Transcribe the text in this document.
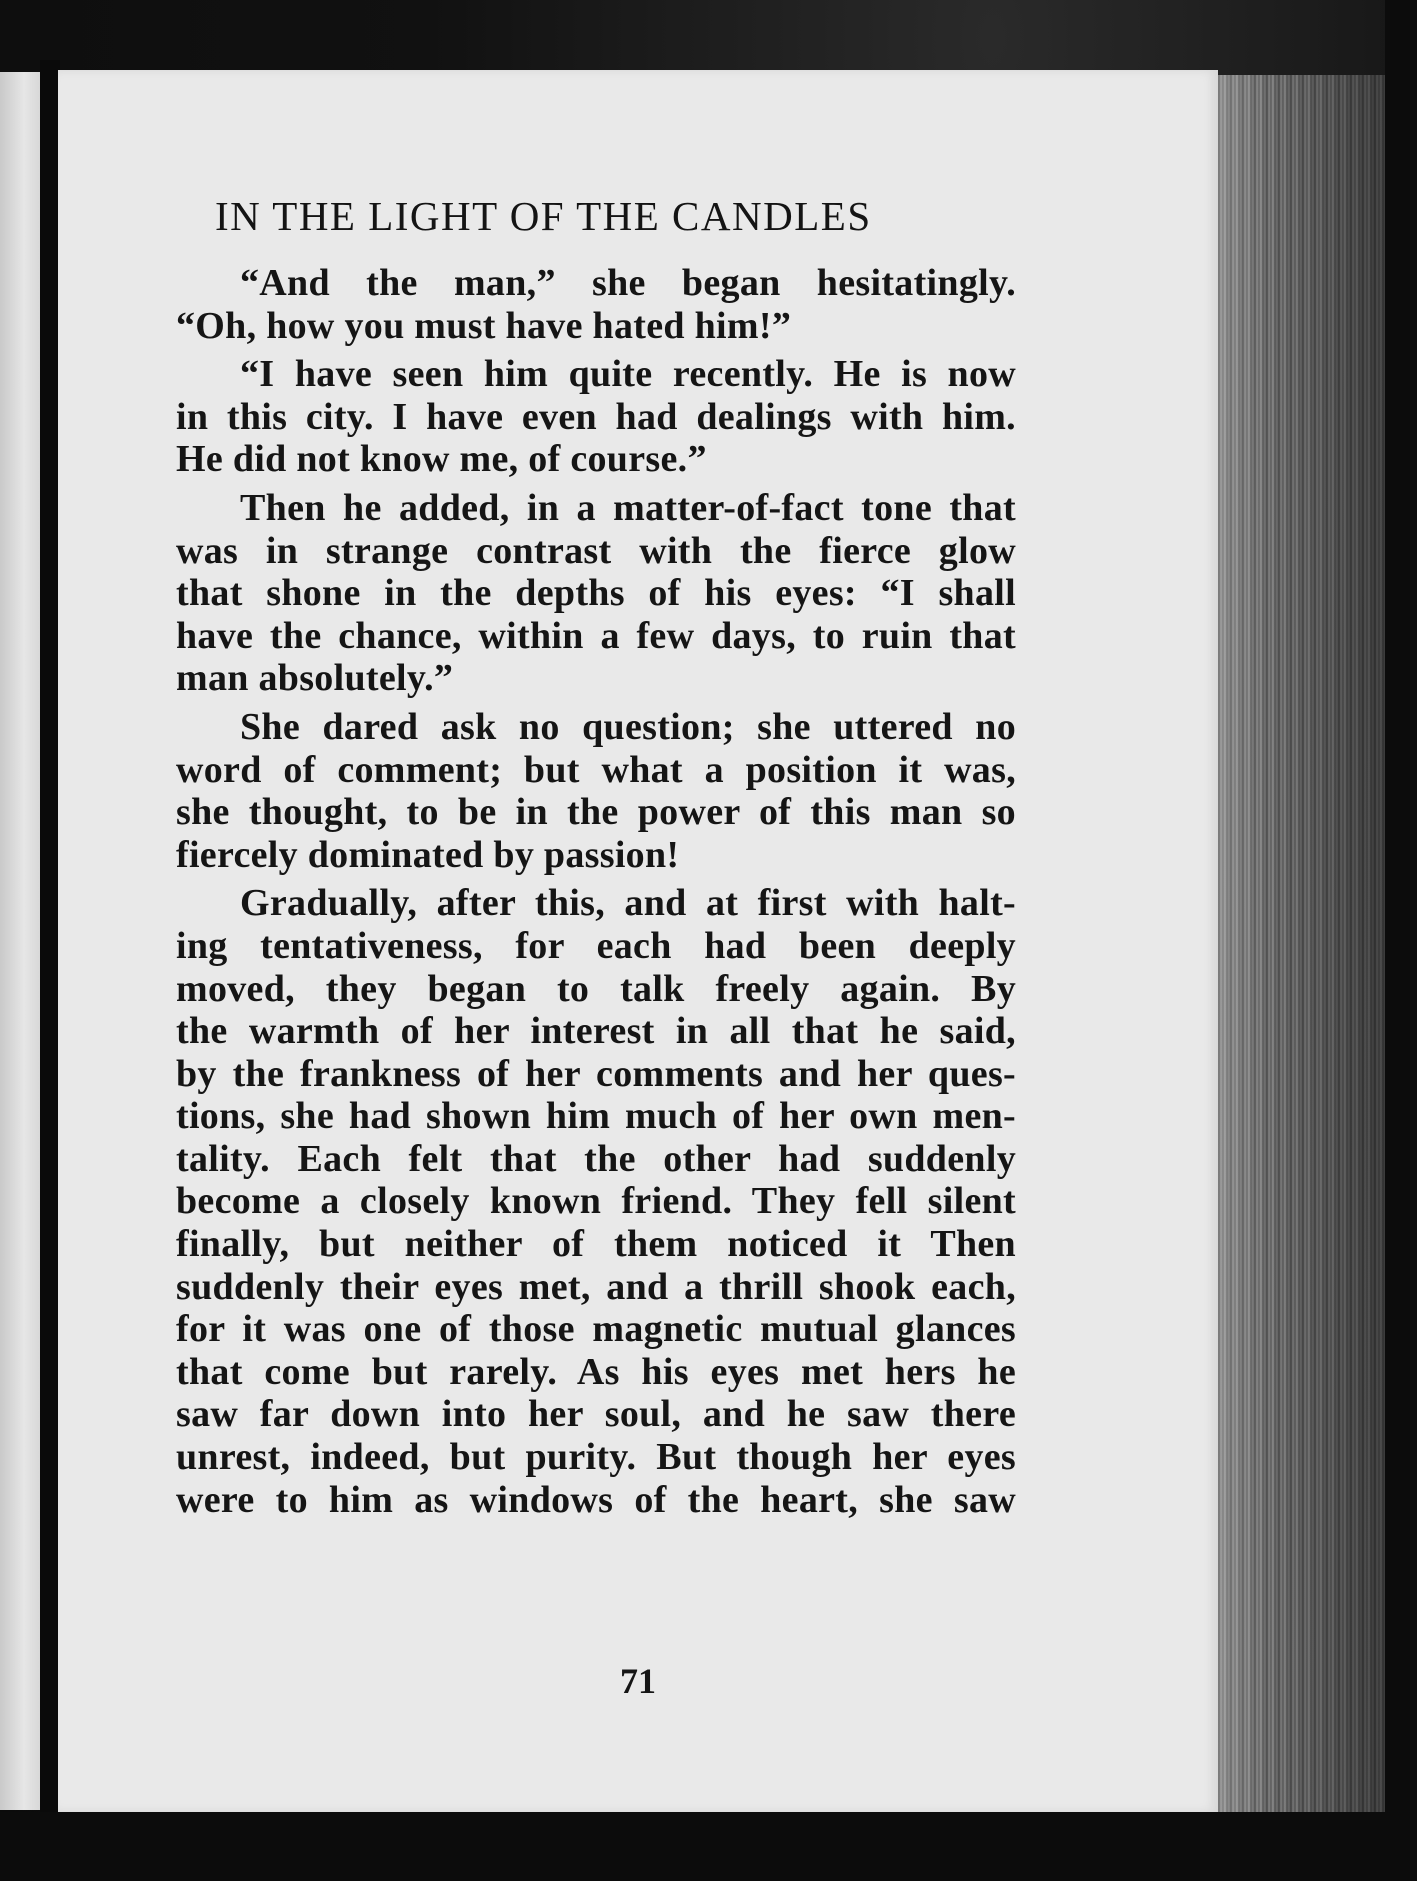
71
IN THE LIGHT OF THE CANDLES
“And the man,” she began hesitatingly.
“Oh, how you must have hated him!”
“I have seen him quite recently. He is now
in this city. I have even had dealings with him.
He did not know me, of course.”
Then he added, in a matter-of-fact tone that
was in strange contrast with the fierce glow
that shone in the depths of his eyes: “I shall
have the chance, within a few days, to ruin that
man absolutely.”
She dared ask no question; she uttered no
word of comment; but what a position it was,
she thought, to be in the power of this man so
fiercely dominated by passion!
Gradually, after this, and at first with halt-
ing tentativeness, for each had been deeply
moved, they began to talk freely again. By
the warmth of her interest in all that he said,
by the frankness of her comments and her ques-
tions, she had shown him much of her own men-
tality. Each felt that the other had suddenly
become a closely known friend. They fell silent
finally, but neither of them noticed it Then
suddenly their eyes met, and a thrill shook each,
for it was one of those magnetic mutual glances
that come but rarely. As his eyes met hers he
saw far down into her soul, and he saw there
unrest, indeed, but purity. But though her eyes
were to him as windows of the heart, she saw
